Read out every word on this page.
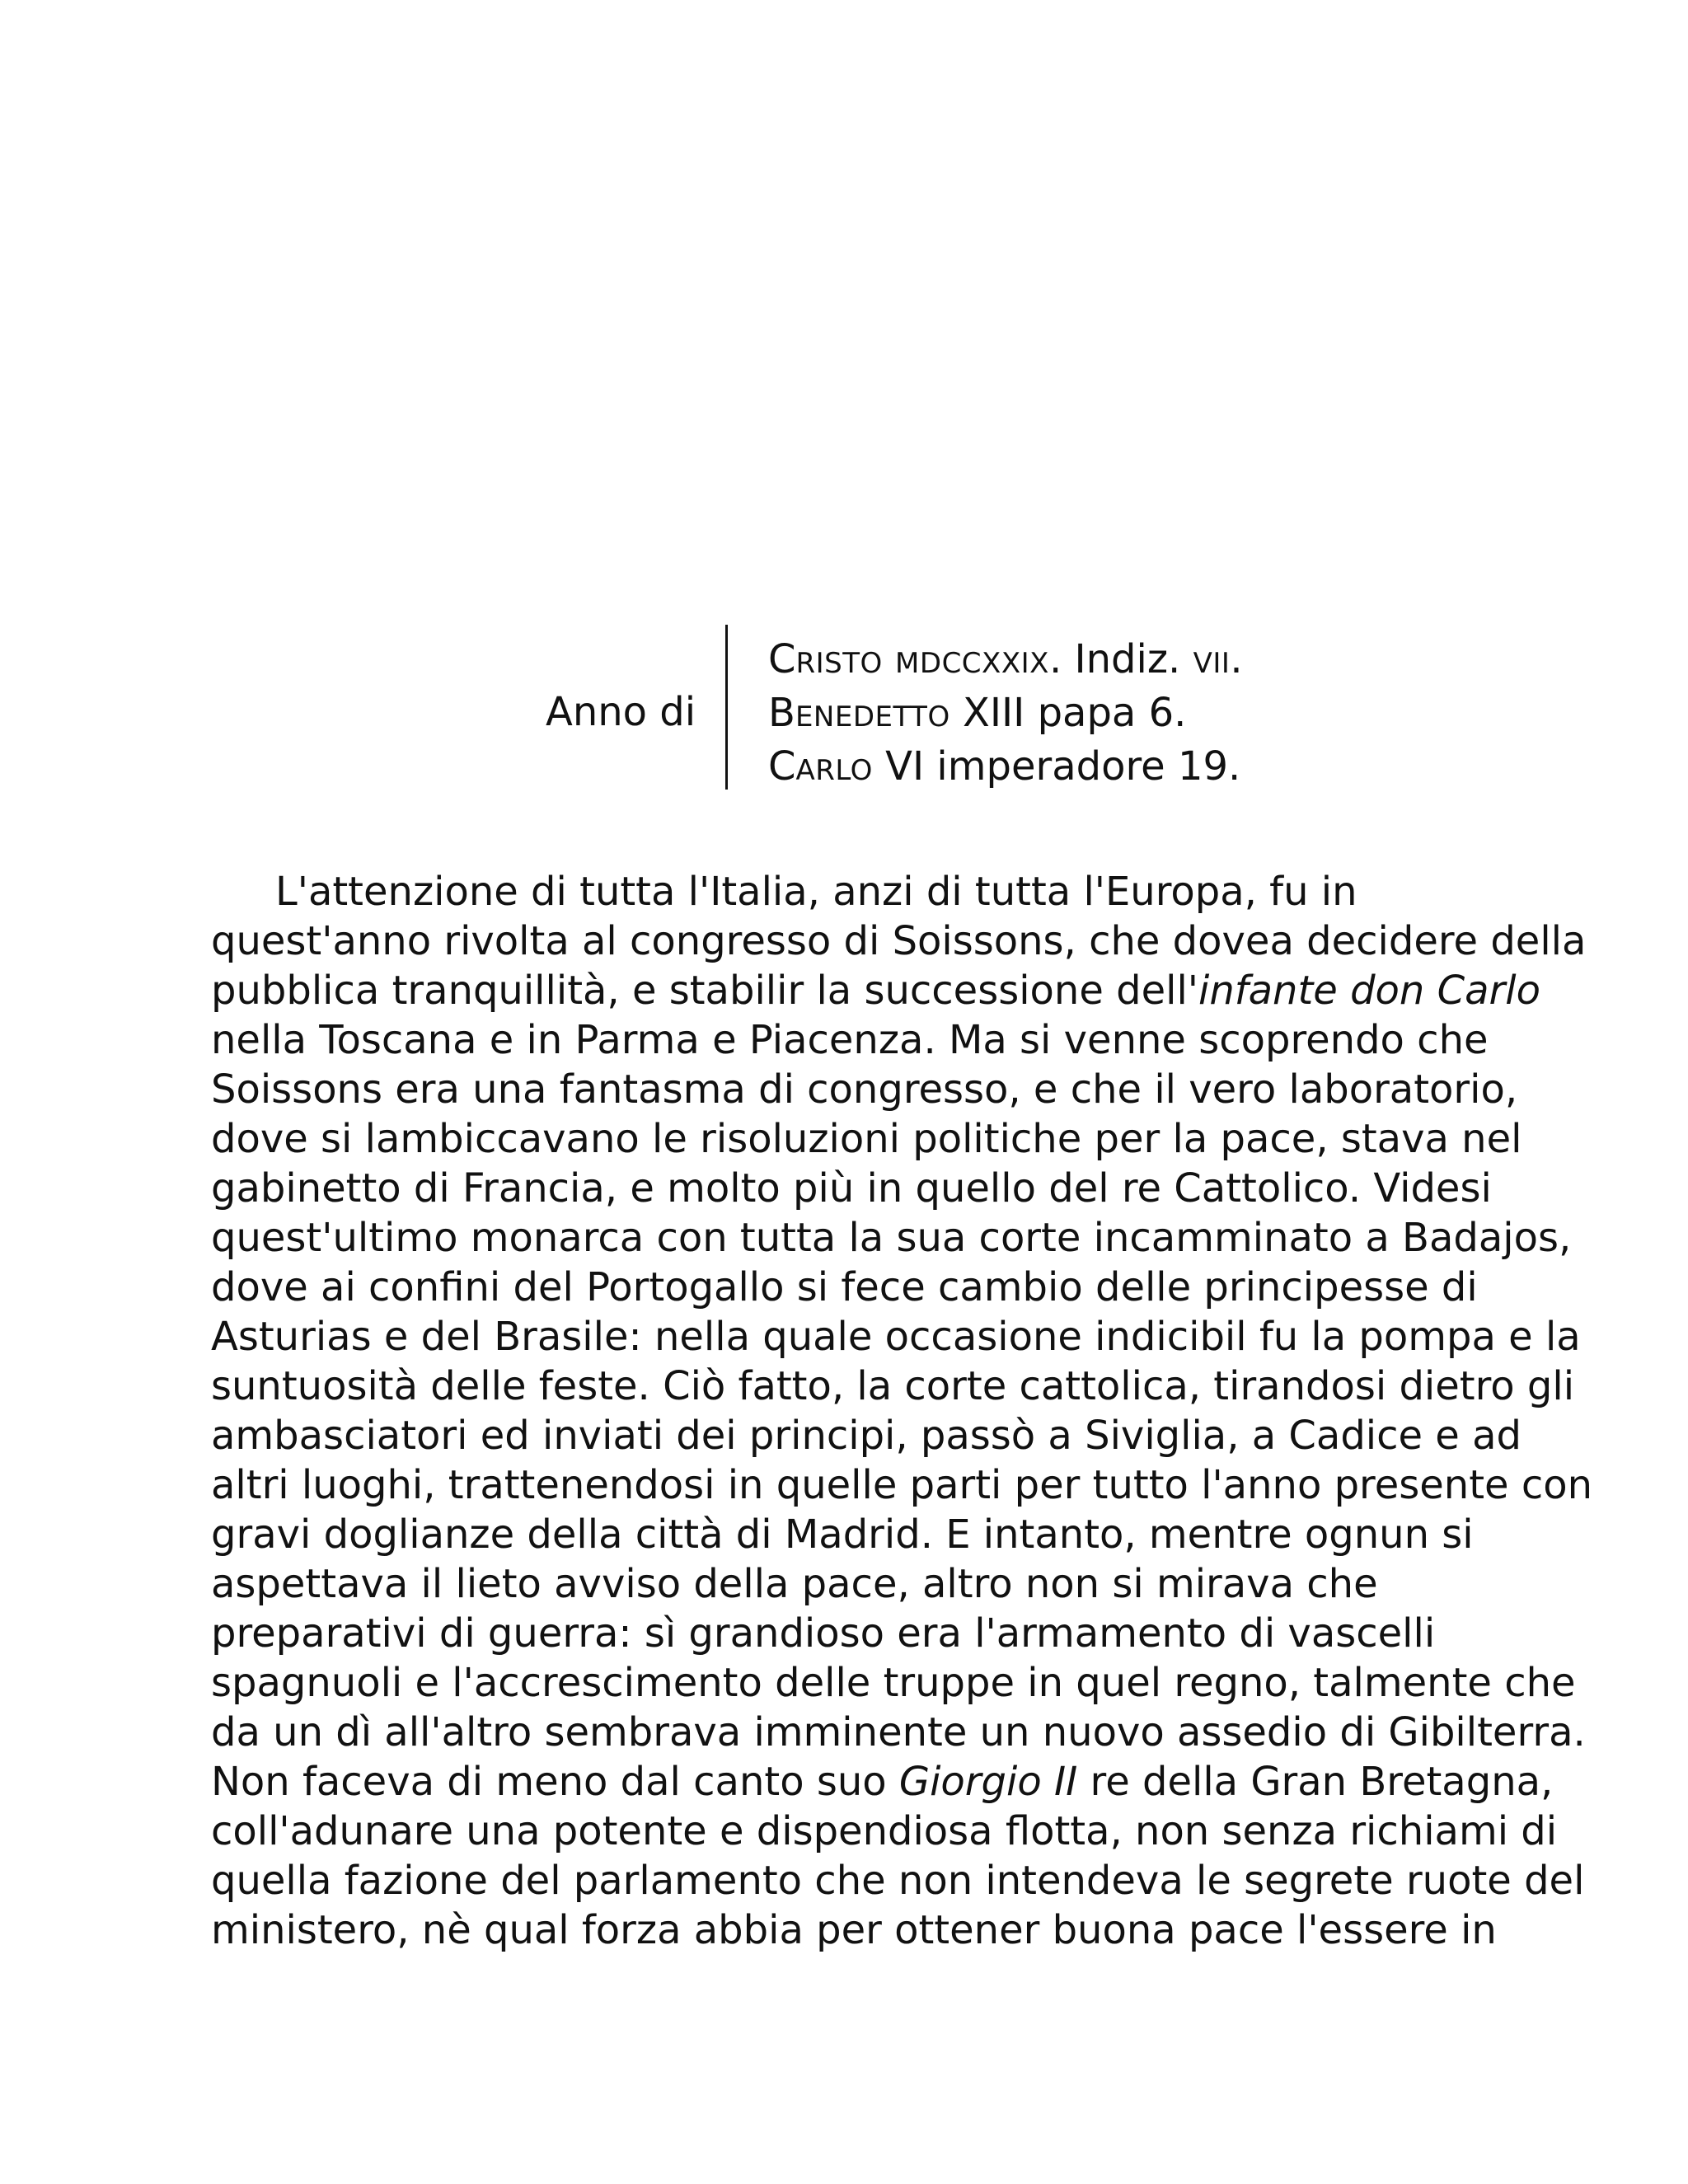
Anno di
CRISTO MDCCXXIX. Indiz. VII.
BENEDETTO XIII papa 6.
CARLO VI imperadore 19.
L'attenzione di tutta l'Italia, anzi di tutta l'Europa, fu in
quest'anno rivolta al congresso di Soissons, che dovea decidere della
pubblica tranquillità, e stabilir la successione dell'infante don Carlo
nella Toscana e in Parma e Piacenza. Ma si venne scoprendo che
Soissons era una fantasma di congresso, e che il vero laboratorio,
dove si lambiccavano le risoluzioni politiche per la pace, stava nel
gabinetto di Francia, e molto più in quello del re Cattolico. Videsi
quest'ultimo monarca con tutta la sua corte incamminato a Badajos,
dove ai confini del Portogallo si fece cambio delle principesse di
Asturias e del Brasile: nella quale occasione indicibil fu la pompa e la
suntuosità delle feste. Ciò fatto, la corte cattolica, tirandosi dietro gli
ambasciatori ed inviati dei principi, passò a Siviglia, a Cadice e ad
altri luoghi, trattenendosi in quelle parti per tutto l'anno presente con
gravi doglianze della città di Madrid. E intanto, mentre ognun si
aspettava il lieto avviso della pace, altro non si mirava che
preparativi di guerra: sì grandioso era l'armamento di vascelli
spagnuoli e l'accrescimento delle truppe in quel regno, talmente che
da un dì all'altro sembrava imminente un nuovo assedio di Gibilterra.
Non faceva di meno dal canto suo Giorgio II re della Gran Bretagna,
coll'adunare una potente e dispendiosa flotta, non senza richiami di
quella fazione del parlamento che non intendeva le segrete ruote del
ministero, nè qual forza abbia per ottener buona pace l'essere in
